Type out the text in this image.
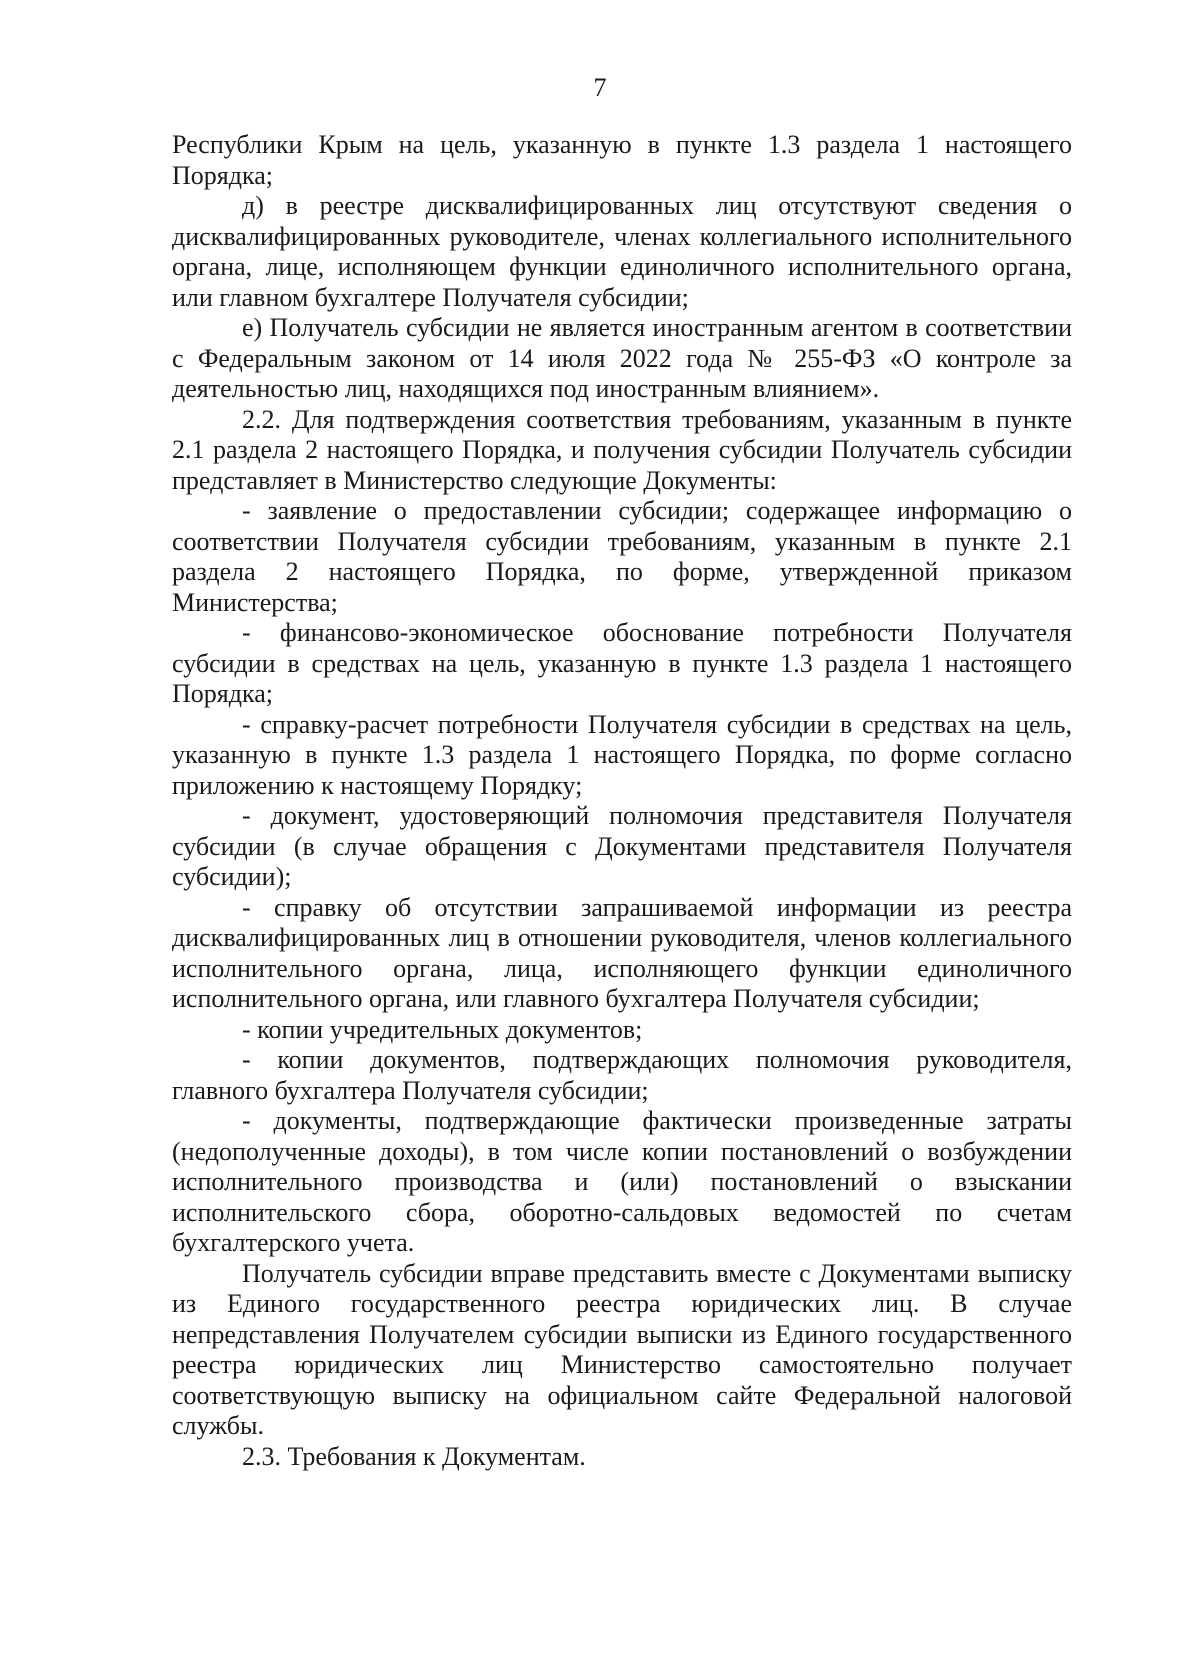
7

Республики Крым на цель, указанную в пункте 1.3 раздела 1 настоящего Порядка;

д) в реестре дисквалифицированных лиц отсутствуют сведения о дисквалифицированных руководителе, членах коллегиального исполнительного органа, лице, исполняющем функции единоличного исполнительного органа, или главном бухгалтере Получателя субсидии;

е) Получатель субсидии не является иностранным агентом в соответствии с Федеральным законом от 14 июля 2022 года № 255-ФЗ «О контроле за деятельностью лиц, находящихся под иностранным влиянием».

2.2. Для подтверждения соответствия требованиям, указанным в пункте 2.1 раздела 2 настоящего Порядка, и получения субсидии Получатель субсидии представляет в Министерство следующие Документы:

- заявление о предоставлении субсидии; содержащее информацию о соответствии Получателя субсидии требованиям, указанным в пункте 2.1 раздела 2 настоящего Порядка, по форме, утвержденной приказом Министерства;

- финансово-экономическое обоснование потребности Получателя субсидии в средствах на цель, указанную в пункте 1.3 раздела 1 настоящего Порядка;

- справку-расчет потребности Получателя субсидии в средствах на цель, указанную в пункте 1.3 раздела 1 настоящего Порядка, по форме согласно приложению к настоящему Порядку;

- документ, удостоверяющий полномочия представителя Получателя субсидии (в случае обращения с Документами представителя Получателя субсидии);

- справку об отсутствии запрашиваемой информации из реестра дисквалифицированных лиц в отношении руководителя, членов коллегиального исполнительного органа, лица, исполняющего функции единоличного исполнительного органа, или главного бухгалтера Получателя субсидии;

- копии учредительных документов;

- копии документов, подтверждающих полномочия руководителя, главного бухгалтера Получателя субсидии;

- документы, подтверждающие фактически произведенные затраты (недополученные доходы), в том числе копии постановлений о возбуждении исполнительного производства и (или) постановлений о взыскании исполнительского сбора, оборотно-сальдовых ведомостей по счетам бухгалтерского учета.

Получатель субсидии вправе представить вместе с Документами выписку из Единого государственного реестра юридических лиц. В случае непредставления Получателем субсидии выписки из Единого государственного реестра юридических лиц Министерство самостоятельно получает соответствующую выписку на официальном сайте Федеральной налоговой службы.

2.3. Требования к Документам.
